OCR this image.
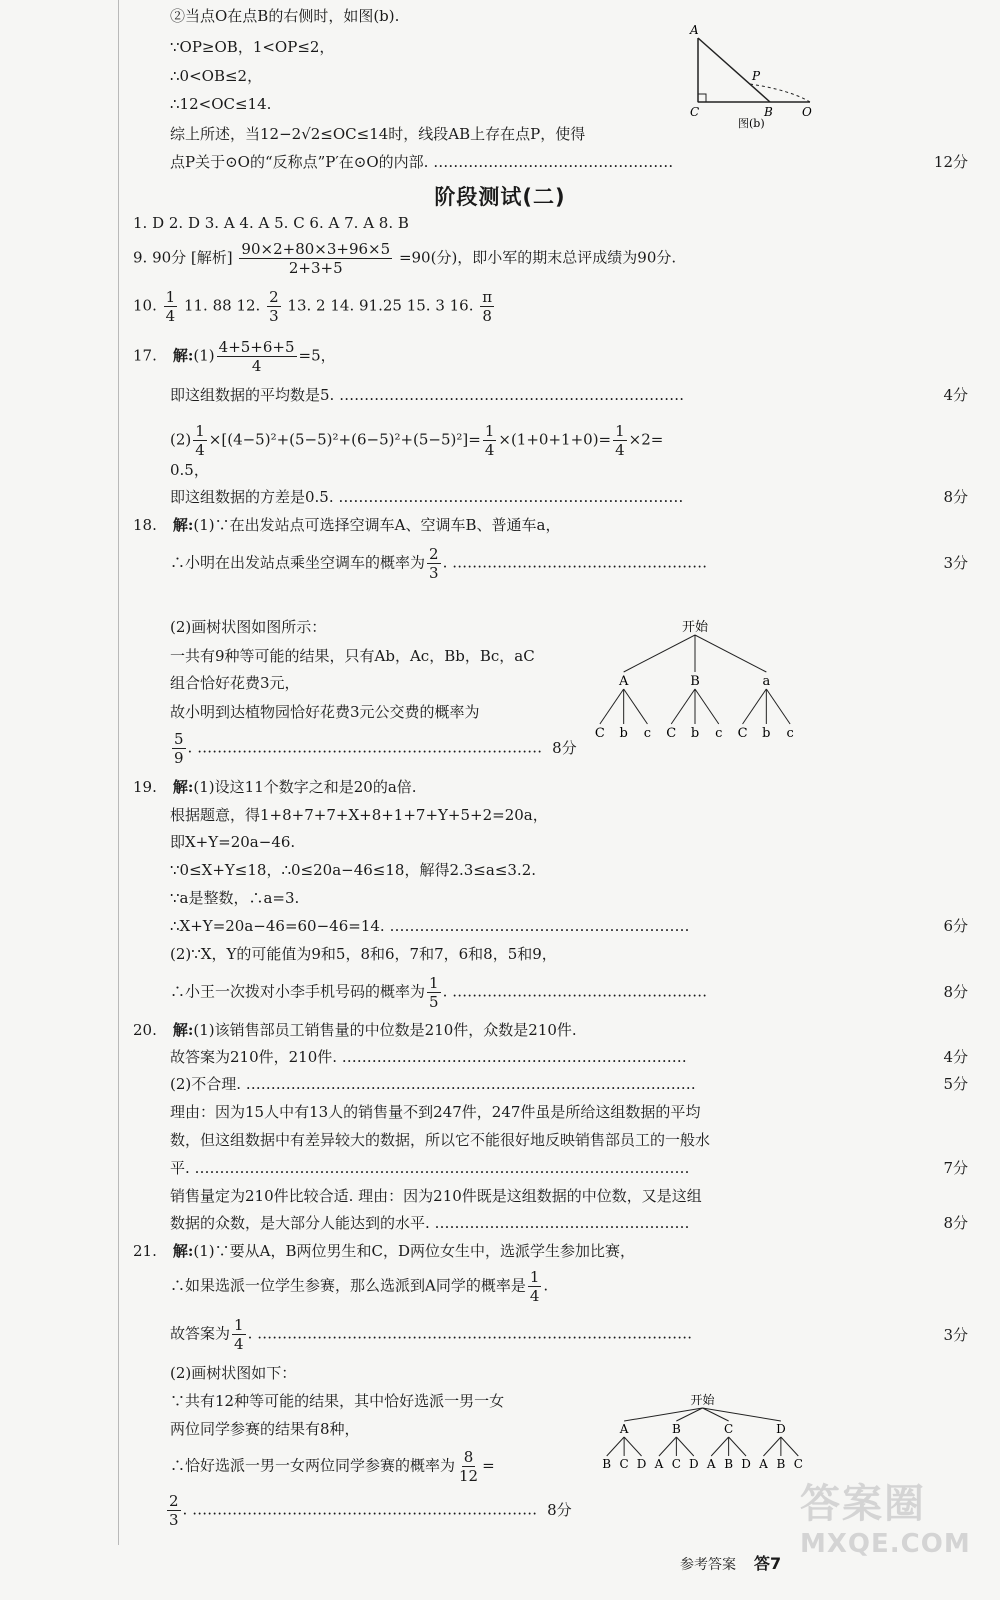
②当点O在点B的右侧时，如图(b).
∵OP≥OB，1<OP≤2，
∴0<OB≤2，
∴12<OC≤14.
综上所述，当12−2√2≤OC≤14时，线段AB上存在点P，使得
点P关于⊙O的“反称点”P′在⊙O的内部. …………………………………………	12分
A
P
C	B O
图(b)
阶段测试(二)
1. D 2. D 3. A 4. A 5. C 6. A 7. A 8. B
9. 90分 [解析] $\frac{90\times 2+80\times 3+96\times 5}{2+3+5} =90$(分)，即小军的期末总评成绩为90分.
10. $\frac{1}{4} 11$. 88 12. $\frac{2}{3} 13$. 2 14. 91.25 15. 3 16. $\frac{\pi}{8}$
17. 解:(1) $\frac{4+5+6+5}{4} =5$，
即这组数据的平均数是5. ……………………………………………………………	4分
$(2) \frac{1}{4} \times[(4-5)^2+(5-5)^2+(6-5)^2+(5-5)^2]= \frac{1}{4} \times(1+0+1+0)= \frac{1}{4} \times 2=$
0.5，
即这组数据的方差是0.5. ……………………………………………………………	8分
18. 解:(1)∵在出发站点可选择空调车A、空调车B、普通车a，
∴小明在出发站点乘坐空调车的概率为 $\frac{2}{3}$ . ……………………………………………	3分
(2)画树状图如图所示：
一共有9种等可能的结果，只有Ab，Ac，Bb，Bc，aC
组合恰好花费3元，
故小明到达植物园恰好花费3元公交费的概率为
$\frac{5}{9}$ . …………………………………………………………… 8分
开始
A	B	a
C b c C b c C b c
19. 解:(1)设这11个数字之和是20的a倍.
根据题意，得1+8+7+7+X+8+1+7+Y+5+2=20a，
即X+Y=20a−46.
∵0≤X+Y≤18，∴0≤20a−46≤18，解得2.3≤a≤3.2.
∵a是整数，∴a=3.
∴X+Y=20a−46=60−46=14. ……………………………………………………	6分
(2)∵X，Y的可能值为9和5，8和6，7和7，6和8，5和9，
∴小王一次拨对小李手机号码的概率为 $\frac{1}{5}$ . ……………………………………………	8分
20. 解:(1)该销售部员工销售量的中位数是210件，众数是210件.
故答案为210件，210件. ……………………………………………………………	4分
(2)不合理. ………………………………………………………………………………	5分
理由：因为15人中有13人的销售量不到247件，247件虽是所给这组数据的平均
数，但这组数据中有差异较大的数据，所以它不能很好地反映销售部员工的一般水
平. ………………………………………………………………………………………	7分
销售量定为210件比较合适. 理由：因为210件既是这组数据的中位数，又是这组
数据的众数，是大部分人能达到的水平. ……………………………………………	8分
21. 解:(1)∵要从A，B两位男生和C，D两位女生中，选派学生参加比赛，
∴如果选派一位学生参赛，那么选派到A同学的概率是 $\frac{1}{4}$ .
故答案为 $\frac{1}{4}$ . ……………………………………………………………………………	3分
(2)画树状图如下：
∵共有12种等可能的结果，其中恰好选派一男一女
两位同学参赛的结果有8种，
∴恰好选派一男一女两位同学参赛的概率为 $\frac{8}{12}$ =
$\frac{2}{3}$ . …………………………………………………………… 8分
开始
A	B	C	D
B C D A C D A B D A B C
参考答案 答7
答案圈
MXQE.COM
